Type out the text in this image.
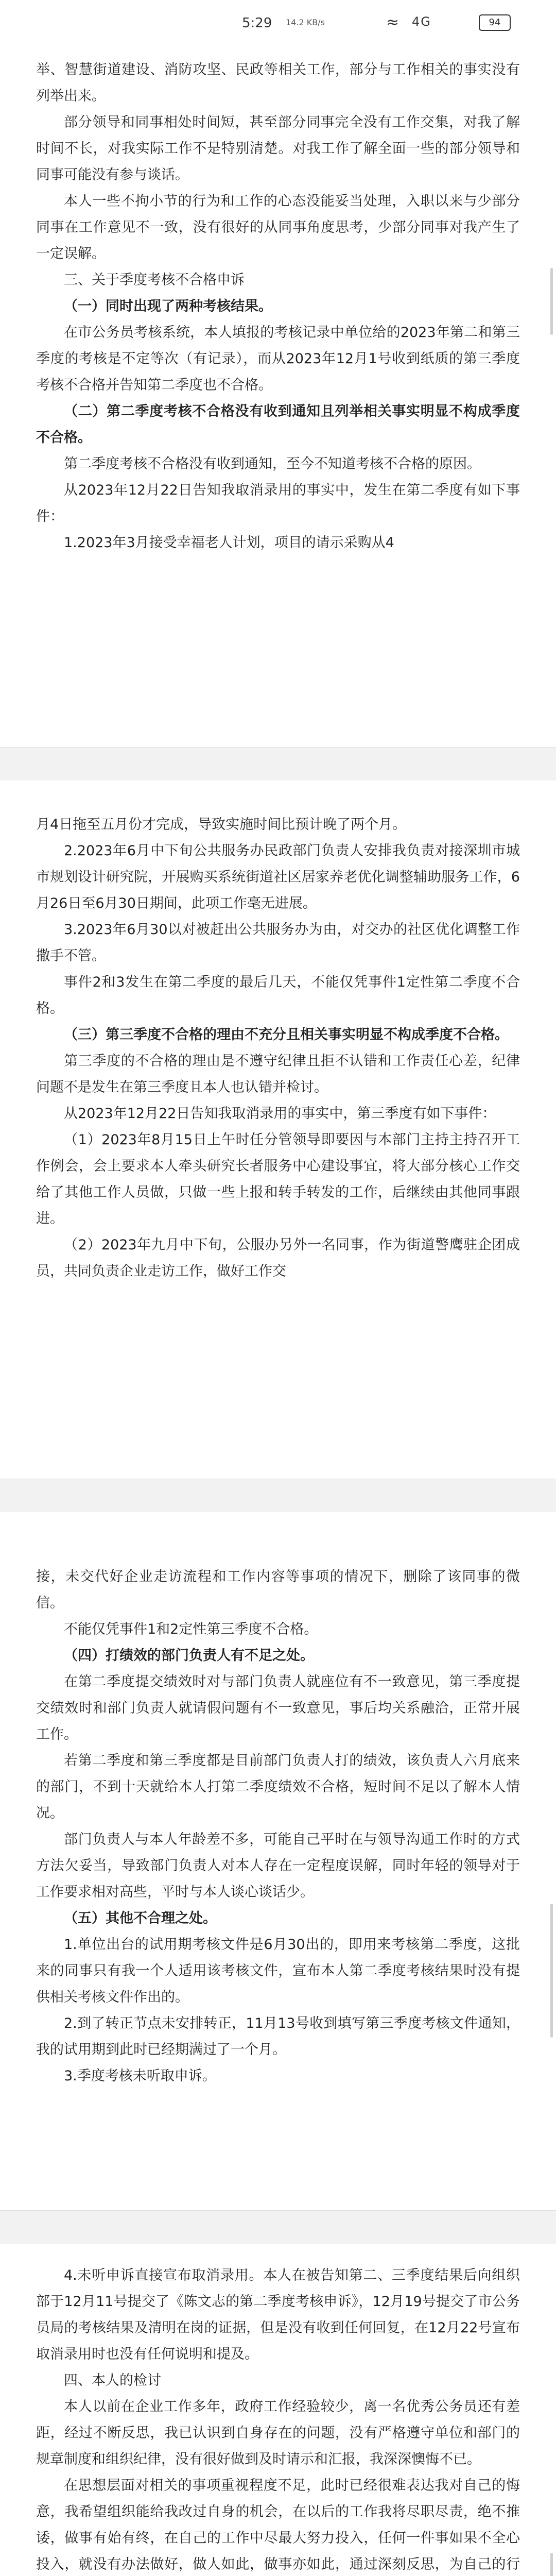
5:29 14.2 KB/s	≈ 4G	94

举、智慧街道建设、消防攻坚、民政等相关工作，部分与工作相关的事实没有列举出来。

部分领导和同事相处时间短，甚至部分同事完全没有工作交集，对我了解时间不长，对我实际工作不是特别清楚。对我工作了解全面一些的部分领导和同事可能没有参与谈话。

本人一些不拘小节的行为和工作的心态没能妥当处理，入职以来与少部分同事在工作意见不一致，没有很好的从同事角度思考，少部分同事对我产生了一定误解。

三、关于季度考核不合格申诉

（一）同时出现了两种考核结果。

在市公务员考核系统，本人填报的考核记录中单位给的2023年第二和第三季度的考核是不定等次（有记录），而从2023年12月1号收到纸质的第三季度考核不合格并告知第二季度也不合格。

（二）第二季度考核不合格没有收到通知且列举相关事实明显不构成季度不合格。

第二季度考核不合格没有收到通知，至今不知道考核不合格的原因。

从2023年12月22日告知我取消录用的事实中，发生在第二季度有如下事件：

1.2023年3月接受幸福老人计划，项目的请示采购从4

月4日拖至五月份才完成，导致实施时间比预计晚了两个月。

2.2023年6月中下旬公共服务办民政部门负责人安排我负责对接深圳市城市规划设计研究院，开展购买系统街道社区居家养老优化调整辅助服务工作，6月26日至6月30日期间，此项工作毫无进展。

3.2023年6月30以对被赶出公共服务办为由，对交办的社区优化调整工作撒手不管。

事件2和3发生在第二季度的最后几天，不能仅凭事件1定性第二季度不合格。

（三）第三季度不合格的理由不充分且相关事实明显不构成季度不合格。

第三季度的不合格的理由是不遵守纪律且拒不认错和工作责任心差，纪律问题不是发生在第三季度且本人也认错并检讨。

从2023年12月22日告知我取消录用的事实中，第三季度有如下事件：

（1）2023年8月15日上午时任分管领导即要因与本部门主持主持召开工作例会，会上要求本人牵头研究长者服务中心建设事宜，将大部分核心工作交给了其他工作人员做，只做一些上报和转手转发的工作，后继续由其他同事跟进。

（2）2023年九月中下旬，公服办另外一名同事，作为街道警鹰驻企团成员，共同负责企业走访工作，做好工作交

接，未交代好企业走访流程和工作内容等事项的情况下，删除了该同事的微信。

不能仅凭事件1和2定性第三季度不合格。

（四）打绩效的部门负责人有不足之处。

在第二季度提交绩效时对与部门负责人就座位有不一致意见，第三季度提交绩效时和部门负责人就请假问题有不一致意见，事后均关系融洽，正常开展工作。

若第二季度和第三季度都是目前部门负责人打的绩效，该负责人六月底来的部门，不到十天就给本人打第二季度绩效不合格，短时间不足以了解本人情况。

部门负责人与本人年龄差不多，可能自己平时在与领导沟通工作时的方式方法欠妥当，导致部门负责人对本人存在一定程度误解，同时年轻的领导对于工作要求相对高些，平时与本人谈心谈话少。

（五）其他不合理之处。

1.单位出台的试用期考核文件是6月30出的，即用来考核第二季度，这批来的同事只有我一个人适用该考核文件，宣布本人第二季度考核结果时没有提供相关考核文件作出的。

2.到了转正节点未安排转正，11月13号收到填写第三季度考核文件通知，我的试用期到此时已经期满过了一个月。

3.季度考核未听取申诉。

4.未听申诉直接宣布取消录用。本人在被告知第二、三季度结果后向组织部于12月11号提交了《陈文志的第二季度考核申诉》，12月19号提交了市公务员局的考核结果及清明在岗的证据，但是没有收到任何回复，在12月22号宣布取消录用时也没有任何说明和提及。

四、本人的检讨

本人以前在企业工作多年，政府工作经验较少，离一名优秀公务员还有差距，经过不断反思，我已认识到自身存在的问题，没有严格遵守单位和部门的规章制度和组织纪律，没有很好做到及时请示和汇报，我深深懊悔不已。

在思想层面对相关的事项重视程度不足，此时已经很难表达我对自己的悔意，我希望组织能给我改过自身的机会，在以后的工作我将尽职尽责，绝不推诿，做事有始有终，在自己的工作中尽最大努力投入，任何一件事如果不全心投入，就没有办法做好，做人如此，做事亦如此，通过深刻反思，为自己的行
